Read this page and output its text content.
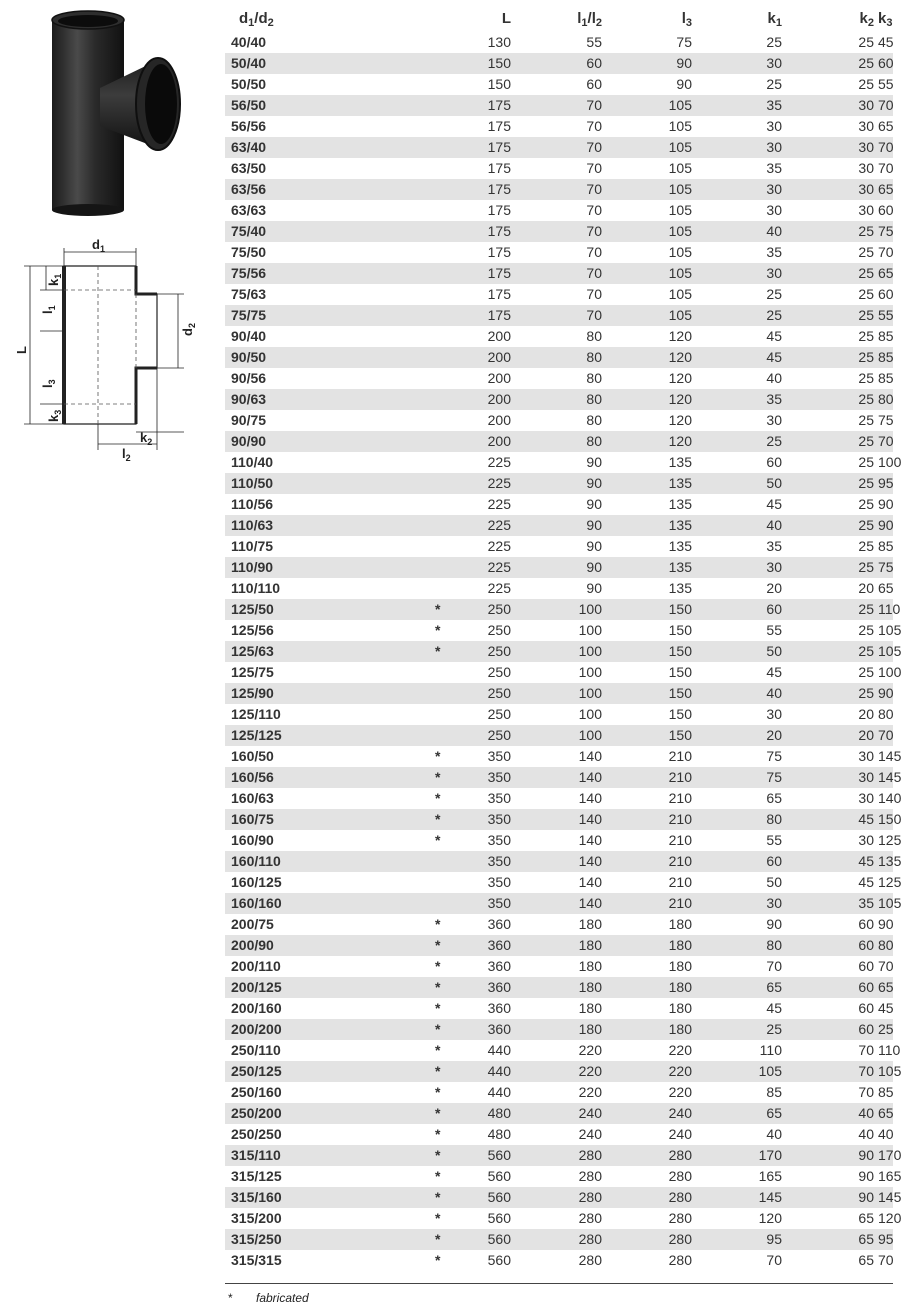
$d_1$
$d_2$
L
$k_1$
$l_1$
$l_3$
$k_3$
$l_2$
$k_2$
$d_1/d_2$		L	$l_1/l_2$	$l_3$	$k_1$	$k_2$	$k_3$
40/40		130	55	75	25	25	45
50/40		150	60	90	30	25	60
50/50		150	60	90	25	25	55
56/50		175	70	105	35	30	70
56/56		175	70	105	30	30	65
63/40		175	70	105	30	30	70
63/50		175	70	105	35	30	70
63/56		175	70	105	30	30	65
63/63		175	70	105	30	30	60
75/40		175	70	105	40	25	75
75/50		175	70	105	35	25	70
75/56		175	70	105	30	25	65
75/63		175	70	105	25	25	60
75/75		175	70	105	25	25	55
90/40		200	80	120	45	25	85
90/50		200	80	120	45	25	85
90/56		200	80	120	40	25	85
90/63		200	80	120	35	25	80
90/75		200	80	120	30	25	75
90/90		200	80	120	25	25	70
110/40		225	90	135	60	25	100
110/50		225	90	135	50	25	95
110/56		225	90	135	45	25	90
110/63		225	90	135	40	25	90
110/75		225	90	135	35	25	85
110/90		225	90	135	30	25	75
110/110		225	90	135	20	20	65
125/50	*	250	100	150	60	25	110
125/56	*	250	100	150	55	25	105
125/63	*	250	100	150	50	25	105
125/75		250	100	150	45	25	100
125/90		250	100	150	40	25	90
125/110		250	100	150	30	20	80
125/125		250	100	150	20	20	70
160/50	*	350	140	210	75	30	145
160/56	*	350	140	210	75	30	145
160/63	*	350	140	210	65	30	140
160/75	*	350	140	210	80	45	150
160/90	*	350	140	210	55	30	125
160/110		350	140	210	60	45	135
160/125		350	140	210	50	45	125
160/160		350	140	210	30	35	105
200/75	*	360	180	180	90	60	90
200/90	*	360	180	180	80	60	80
200/110	*	360	180	180	70	60	70
200/125	*	360	180	180	65	60	65
200/160	*	360	180	180	45	60	45
200/200	*	360	180	180	25	60	25
250/110	*	440	220	220	110	70	110
250/125	*	440	220	220	105	70	105
250/160	*	440	220	220	85	70	85
250/200	*	480	240	240	65	40	65
250/250	*	480	240	240	40	40	40
315/110	*	560	280	280	170	90	170
315/125	*	560	280	280	165	90	165
315/160	*	560	280	280	145	90	145
315/200	*	560	280	280	120	65	120
315/250	*	560	280	280	95	65	95
315/315	*	560	280	280	70	65	70
* fabricated
